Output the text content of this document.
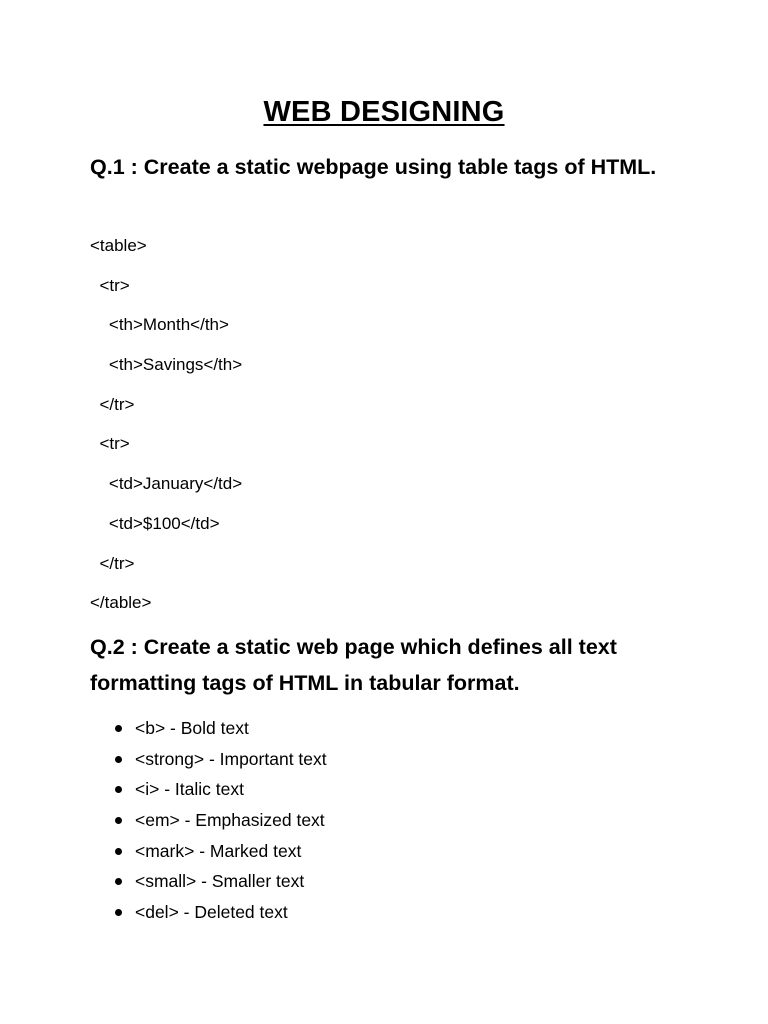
WEB DESIGNING

Q.1 : Create a static webpage using table tags of HTML.

<table>
<tr>
<th>Month</th>
<th>Savings</th>
</tr>
<tr>
<td>January</td>
<td>$100</td>
</tr>
</table>

Q.2 : Create a static web page which defines all text formatting tags of HTML in tabular format.

<b> - Bold text
<strong> - Important text
<i> - Italic text
<em> - Emphasized text
<mark> - Marked text
<small> - Smaller text
<del> - Deleted text
